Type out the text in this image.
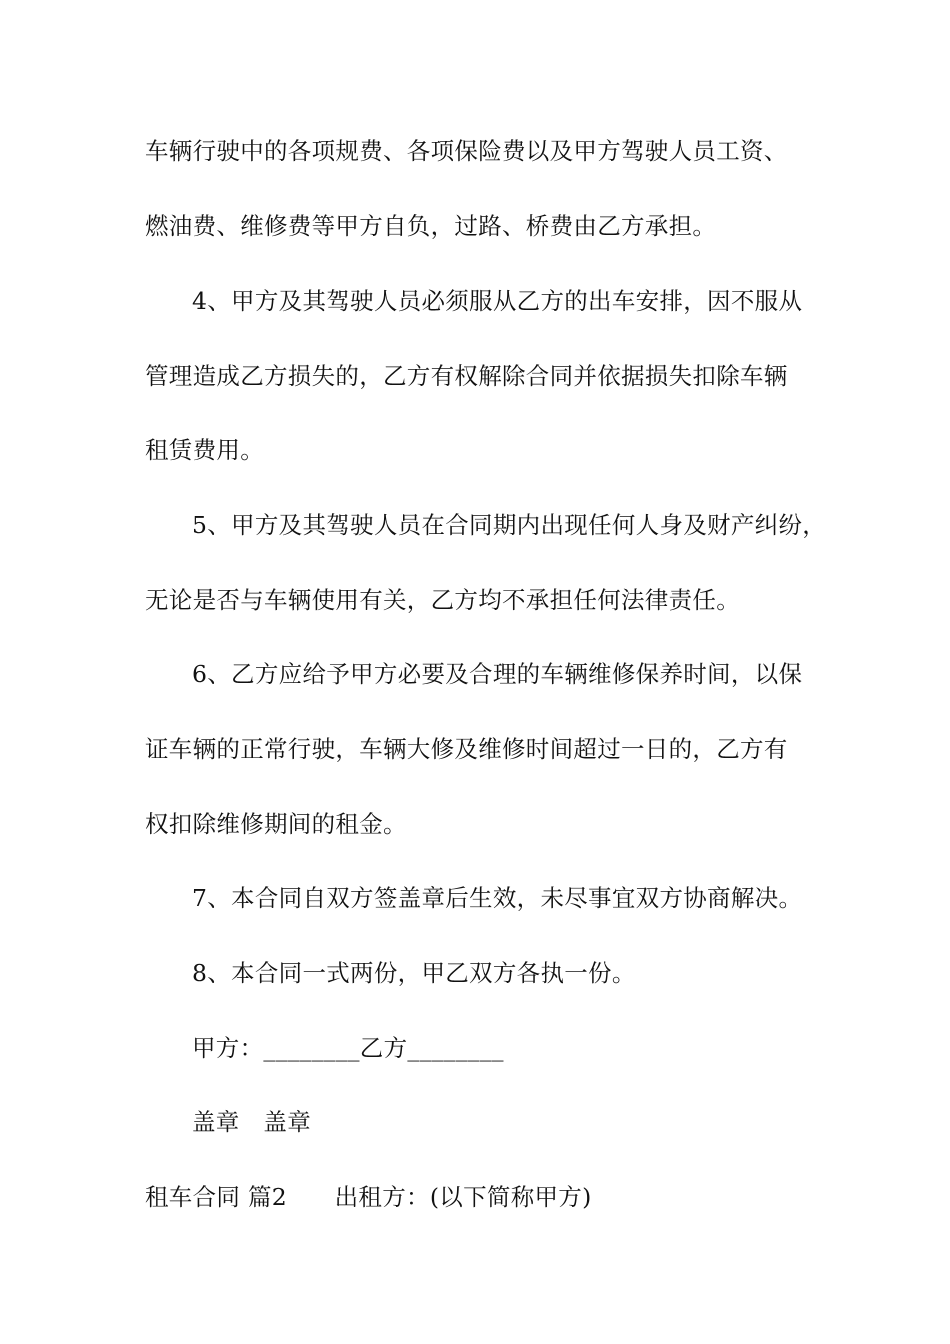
车辆行驶中的各项规费、各项保险费以及甲方驾驶人员工资、
燃油费、维修费等甲方自负，过路、桥费由乙方承担。
4、甲方及其驾驶人员必须服从乙方的出车安排，因不服从
管理造成乙方损失的，乙方有权解除合同并依据损失扣除车辆
租赁费用。
5、甲方及其驾驶人员在合同期内出现任何人身及财产纠纷，
无论是否与车辆使用有关，乙方均不承担任何法律责任。
6、乙方应给予甲方必要及合理的车辆维修保养时间，以保
证车辆的正常行驶，车辆大修及维修时间超过一日的，乙方有
权扣除维修期间的租金。
7、本合同自双方签盖章后生效，未尽事宜双方协商解决。
8、本合同一式两份，甲乙双方各执一份。
甲方：________乙方________
盖章　盖章
租车合同 篇2　　出租方：(以下简称甲方)
